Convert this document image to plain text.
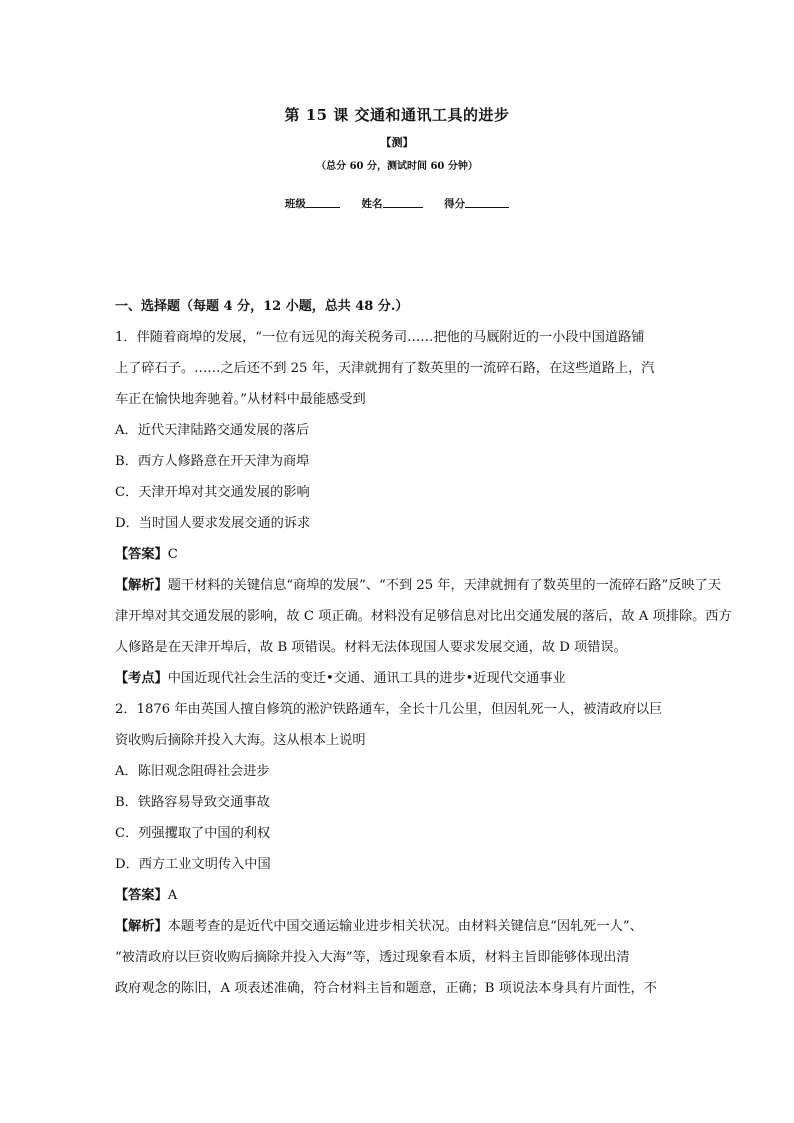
第 15 课 交通和通讯工具的进步
【测】
（总分 60 分，测试时间 60 分钟）
班级	姓名	得分
一、选择题（每题 4 分，12 小题，总共 48 分.）
1．伴随着商埠的发展，“一位有远见的海关税务司……把他的马厩附近的一小段中国道路铺
上了碎石子。……之后还不到 25 年，天津就拥有了数英里的一流碎石路，在这些道路上，汽
车正在愉快地奔驰着。”从材料中最能感受到
A．近代天津陆路交通发展的落后
B．西方人修路意在开天津为商埠
C．天津开埠对其交通发展的影响
D．当时国人要求发展交通的诉求
【答案】C
【解析】题干材料的关键信息“商埠的发展”、“不到 25 年，天津就拥有了数英里的一流碎石路”反映了天
津开埠对其交通发展的影响，故 C 项正确。材料没有足够信息对比出交通发展的落后，故 A 项排除。西方
人修路是在天津开埠后，故 B 项错误。材料无法体现国人要求发展交通，故 D 项错误。
【考点】中国近现代社会生活的变迁•交通、通讯工具的进步•近现代交通事业
2．1876 年由英国人擅自修筑的淞沪铁路通车，全长十几公里，但因轧死一人，被清政府以巨
资收购后摘除并投入大海。这从根本上说明
A．陈旧观念阻碍社会进步
B．铁路容易导致交通事故
C．列强攫取了中国的利权
D．西方工业文明传入中国
【答案】A
【解析】本题考查的是近代中国交通运输业进步相关状况。由材料关键信息“因轧死一人”、
“被清政府以巨资收购后摘除并投入大海”等，透过现象看本质，材料主旨即能够体现出清
政府观念的陈旧，A 项表述准确，符合材料主旨和题意，正确；B 项说法本身具有片面性，不
